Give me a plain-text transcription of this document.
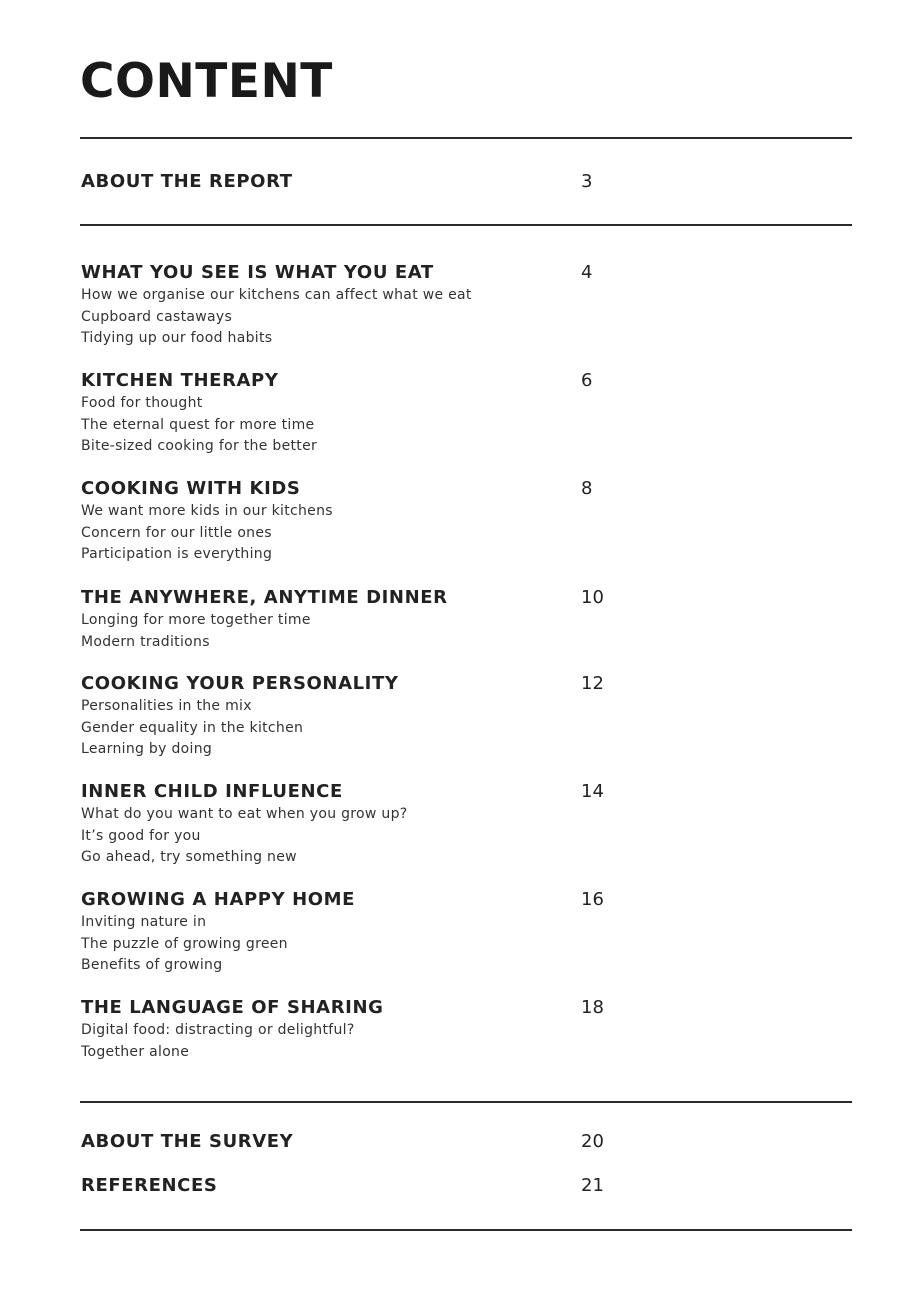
CONTENT
ABOUT THE REPORT	3
WHAT YOU SEE IS WHAT YOU EAT	4
How we organise our kitchens can affect what we eat
Cupboard castaways
Tidying up our food habits
KITCHEN THERAPY	6
Food for thought
The eternal quest for more time
Bite-sized cooking for the better
COOKING WITH KIDS	8
We want more kids in our kitchens
Concern for our little ones
Participation is everything
THE ANYWHERE, ANYTIME DINNER	10
Longing for more together time
Modern traditions
COOKING YOUR PERSONALITY	12
Personalities in the mix
Gender equality in the kitchen
Learning by doing
INNER CHILD INFLUENCE	14
What do you want to eat when you grow up?
It’s good for you
Go ahead, try something new
GROWING A HAPPY HOME	16
Inviting nature in
The puzzle of growing green
Benefits of growing
THE LANGUAGE OF SHARING	18
Digital food: distracting or delightful?
Together alone
ABOUT THE SURVEY	20
REFERENCES	21
